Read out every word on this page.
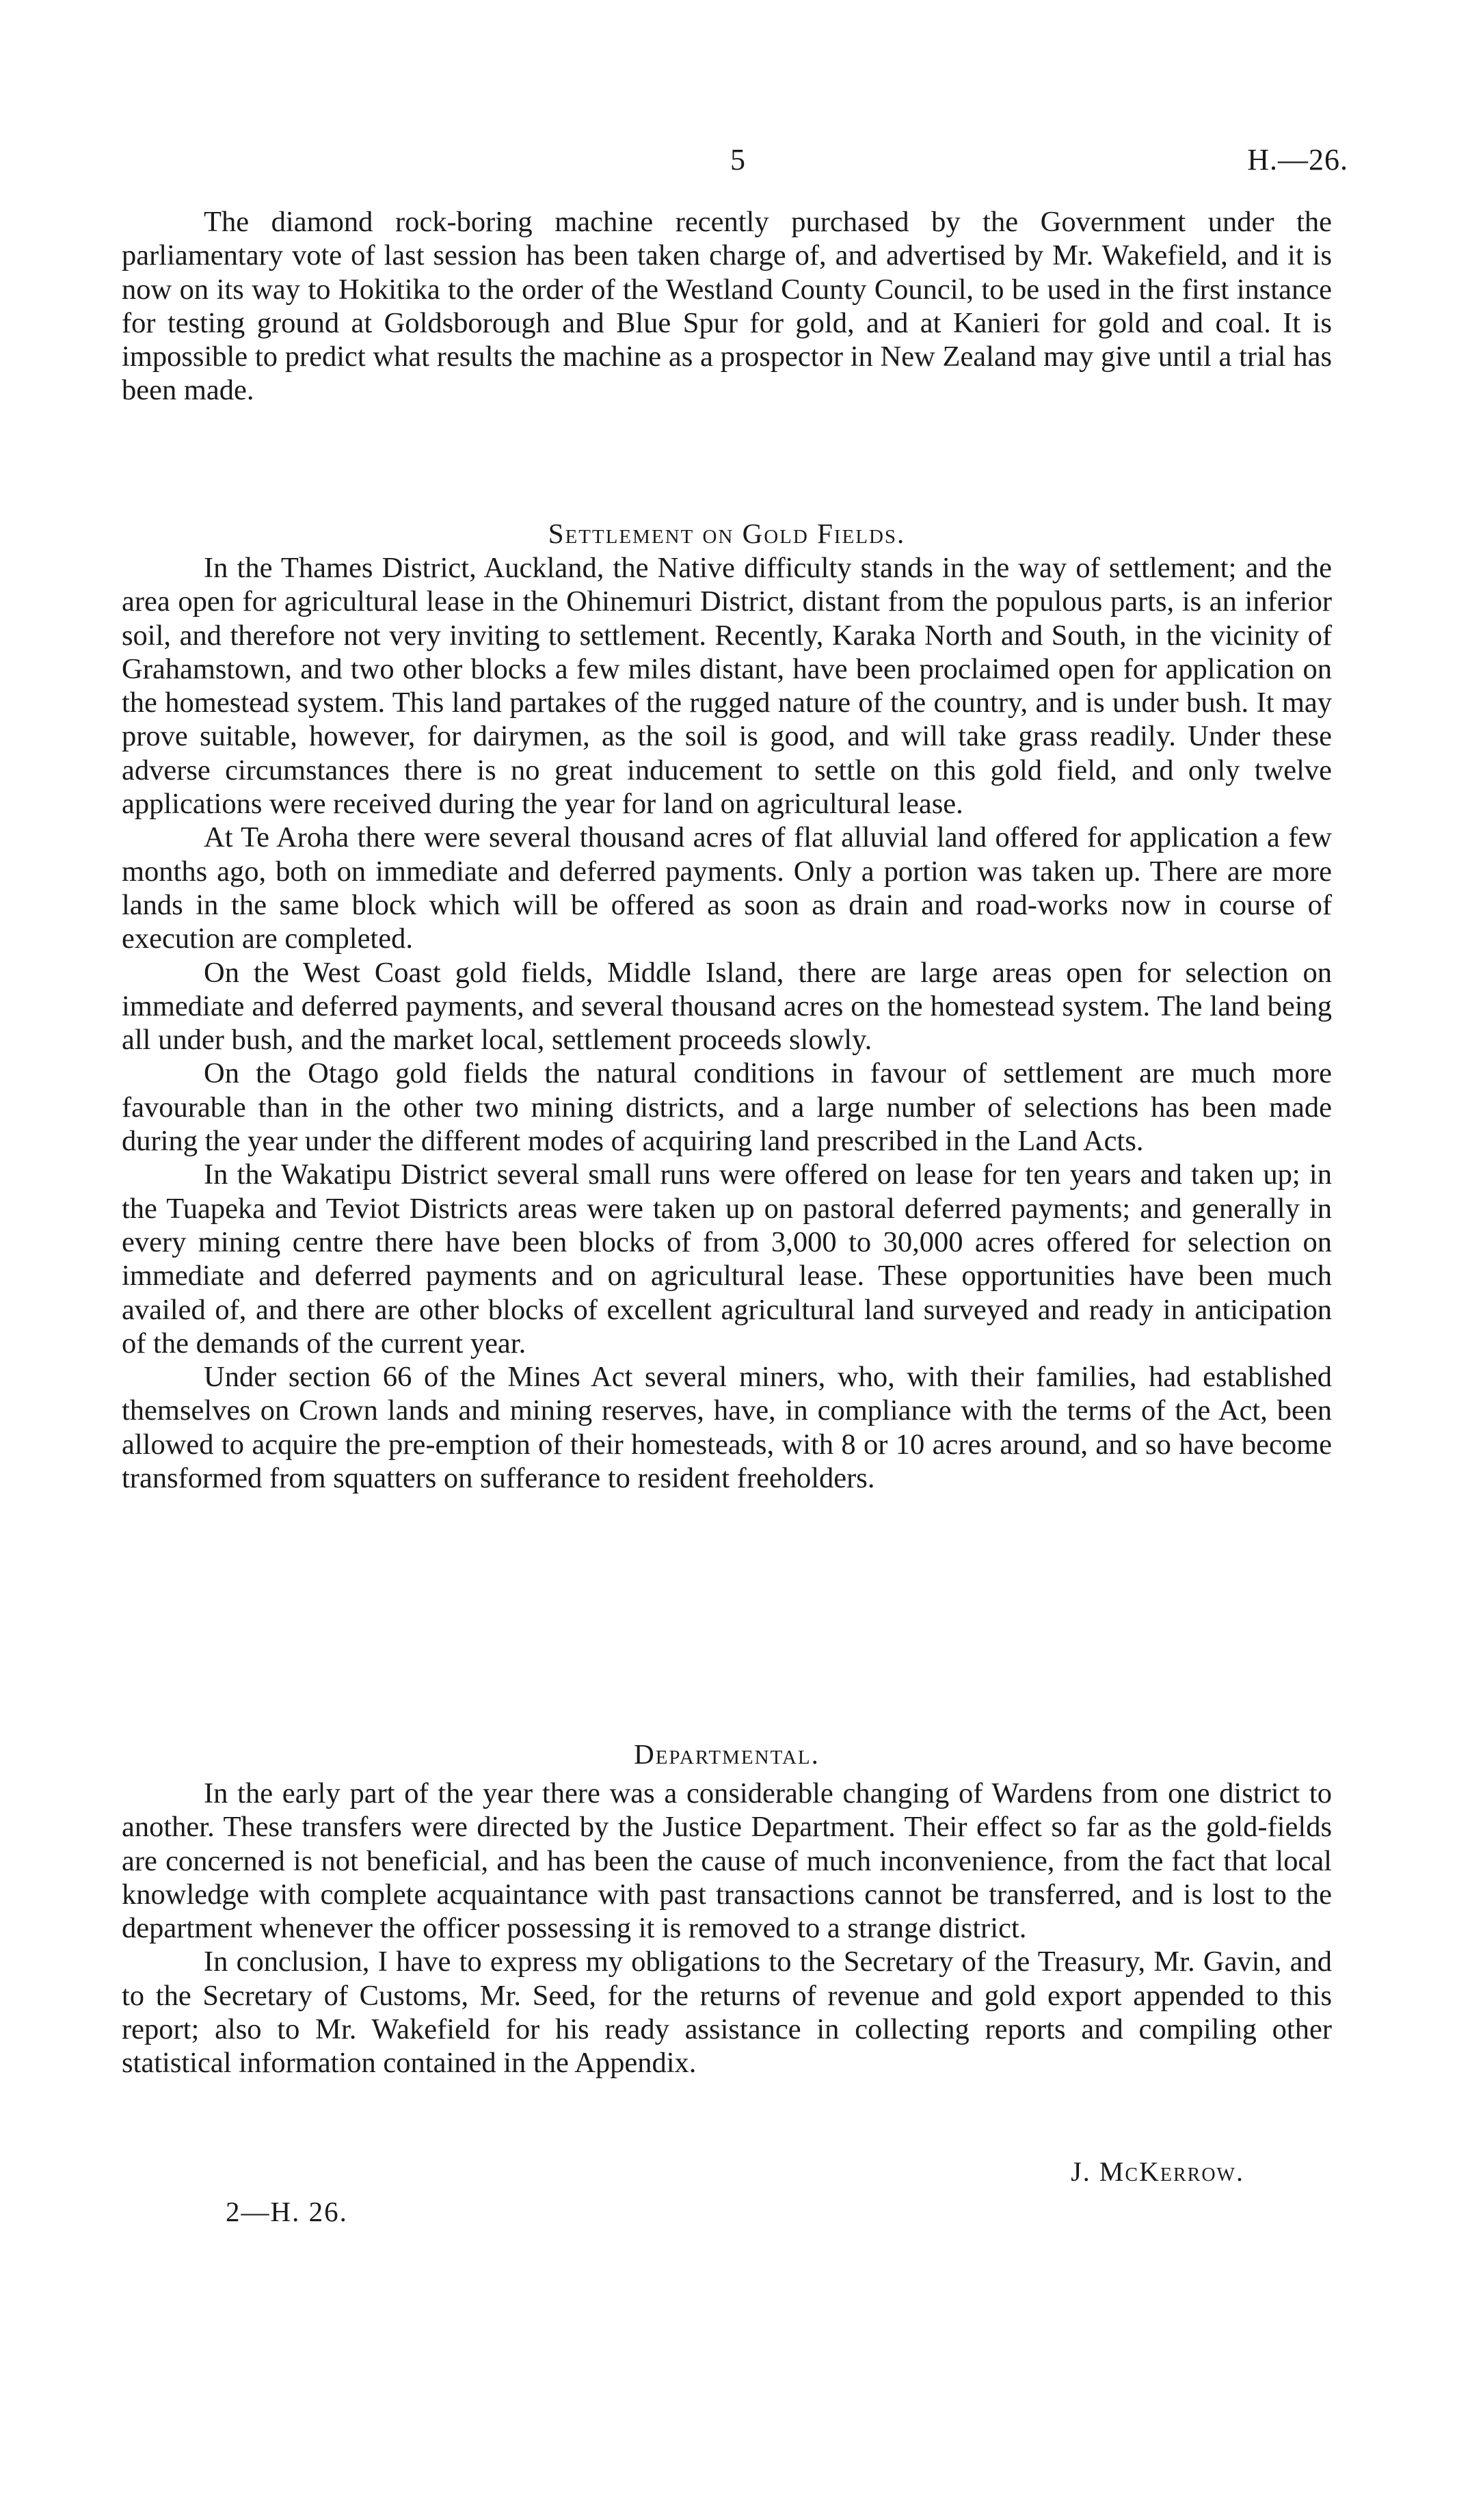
5	H.—26.

The diamond rock-boring machine recently purchased by the Government under the parliamentary vote of last session has been taken charge of, and advertised by Mr. Wakefield, and it is now on its way to Hokitika to the order of the Westland County Council, to be used in the first instance for testing ground at Goldsborough and Blue Spur for gold, and at Kanieri for gold and coal. It is impossible to predict what results the machine as a prospector in New Zealand may give until a trial has been made.

Settlement on Gold Fields.

In the Thames District, Auckland, the Native difficulty stands in the way of settlement; and the area open for agricultural lease in the Ohinemuri District, distant from the populous parts, is an inferior soil, and therefore not very inviting to settlement. Recently, Karaka North and South, in the vicinity of Grahamstown, and two other blocks a few miles distant, have been proclaimed open for application on the homestead system. This land partakes of the rugged nature of the country, and is under bush. It may prove suitable, however, for dairymen, as the soil is good, and will take grass readily. Under these adverse circumstances there is no great inducement to settle on this gold field, and only twelve applications were received during the year for land on agricultural lease.

At Te Aroha there were several thousand acres of flat alluvial land offered for application a few months ago, both on immediate and deferred payments. Only a portion was taken up. There are more lands in the same block which will be offered as soon as drain and road-works now in course of execution are completed.

On the West Coast gold fields, Middle Island, there are large areas open for selection on immediate and deferred payments, and several thousand acres on the homestead system. The land being all under bush, and the market local, settlement proceeds slowly.

On the Otago gold fields the natural conditions in favour of settlement are much more favourable than in the other two mining districts, and a large number of selections has been made during the year under the different modes of acquiring land prescribed in the Land Acts.

In the Wakatipu District several small runs were offered on lease for ten years and taken up; in the Tuapeka and Teviot Districts areas were taken up on pastoral deferred payments; and generally in every mining centre there have been blocks of from 3,000 to 30,000 acres offered for selection on immediate and deferred payments and on agricultural lease. These opportunities have been much availed of, and there are other blocks of excellent agricultural land surveyed and ready in anticipation of the demands of the current year.

Under section 66 of the Mines Act several miners, who, with their families, had established themselves on Crown lands and mining reserves, have, in compliance with the terms of the Act, been allowed to acquire the pre-emption of their homesteads, with 8 or 10 acres around, and so have become transformed from squatters on sufferance to resident freeholders.

Departmental.

In the early part of the year there was a considerable changing of Wardens from one district to another. These transfers were directed by the Justice Department. Their effect so far as the gold-fields are concerned is not beneficial, and has been the cause of much inconvenience, from the fact that local knowledge with complete acquaintance with past transactions cannot be transferred, and is lost to the department whenever the officer possessing it is removed to a strange district.

In conclusion, I have to express my obligations to the Secretary of the Treasury, Mr. Gavin, and to the Secretary of Customs, Mr. Seed, for the returns of revenue and gold export appended to this report; also to Mr. Wakefield for his ready assistance in collecting reports and compiling other statistical information contained in the Appendix.

J. McKerrow.
2—H. 26.
